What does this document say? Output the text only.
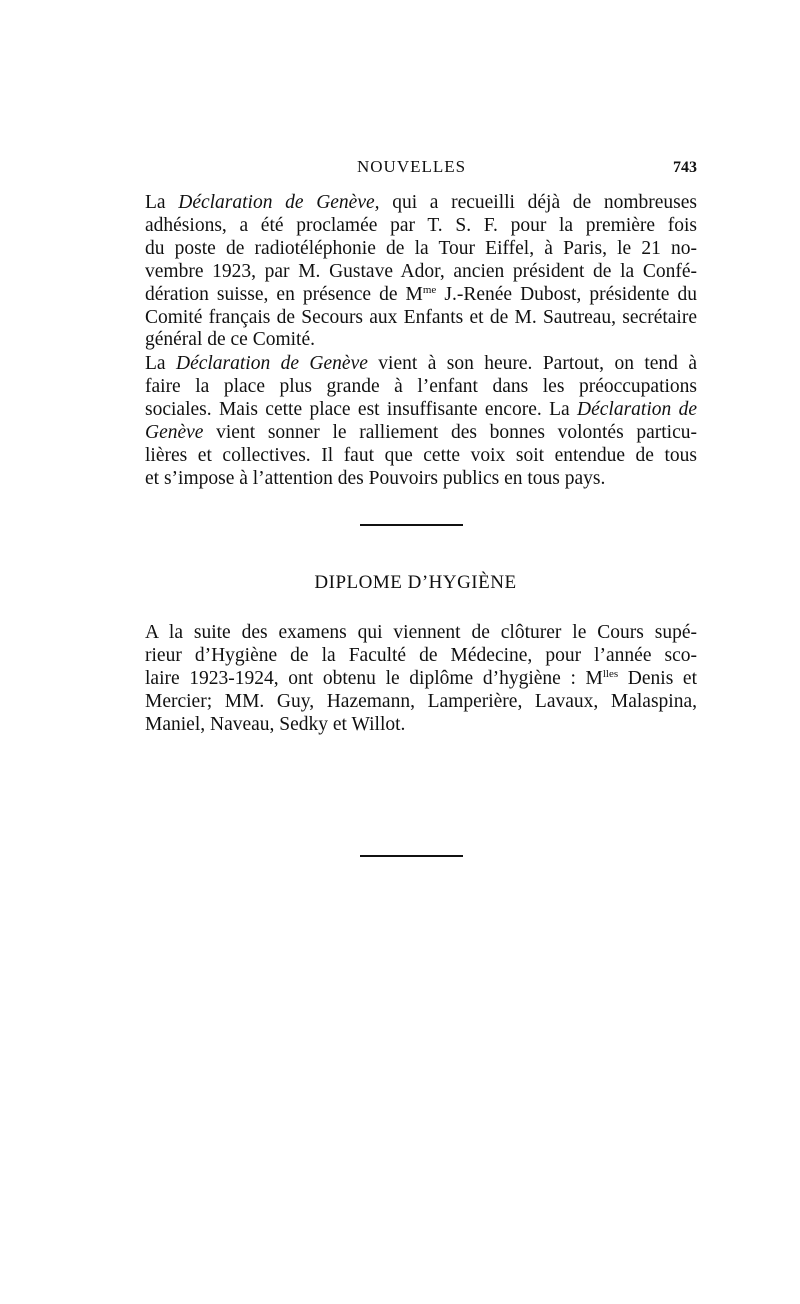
NOUVELLES	743
La Déclaration de Genève, qui a recueilli déjà de nombreuses
adhésions, a été proclamée par T. S. F. pour la première fois
du poste de radiotéléphonie de la Tour Eiffel, à Paris, le 21 no-
vembre 1923, par M. Gustave Ador, ancien président de la Confé-
dération suisse, en présence de $M^{me}$ J.-Renée Dubost, présidente du
Comité français de Secours aux Enfants et de M. Sautreau, secrétaire
général de ce Comité.
La Déclaration de Genève vient à son heure. Partout, on tend à
faire la place plus grande à l’enfant dans les préoccupations
sociales. Mais cette place est insuffisante encore. La Déclaration de
Genève vient sonner le ralliement des bonnes volontés particu-
lières et collectives. Il faut que cette voix soit entendue de tous
et s’impose à l’attention des Pouvoirs publics en tous pays.
DIPLOME D’HYGIÈNE
A la suite des examens qui viennent de clôturer le Cours supé-
rieur d’Hygiène de la Faculté de Médecine, pour l’année sco-
laire 1923-1924, ont obtenu le diplôme d’hygiène : $M^{lles}$ Denis et
Mercier; MM. Guy, Hazemann, Lamperière, Lavaux, Malaspina,
Maniel, Naveau, Sedky et Willot.
